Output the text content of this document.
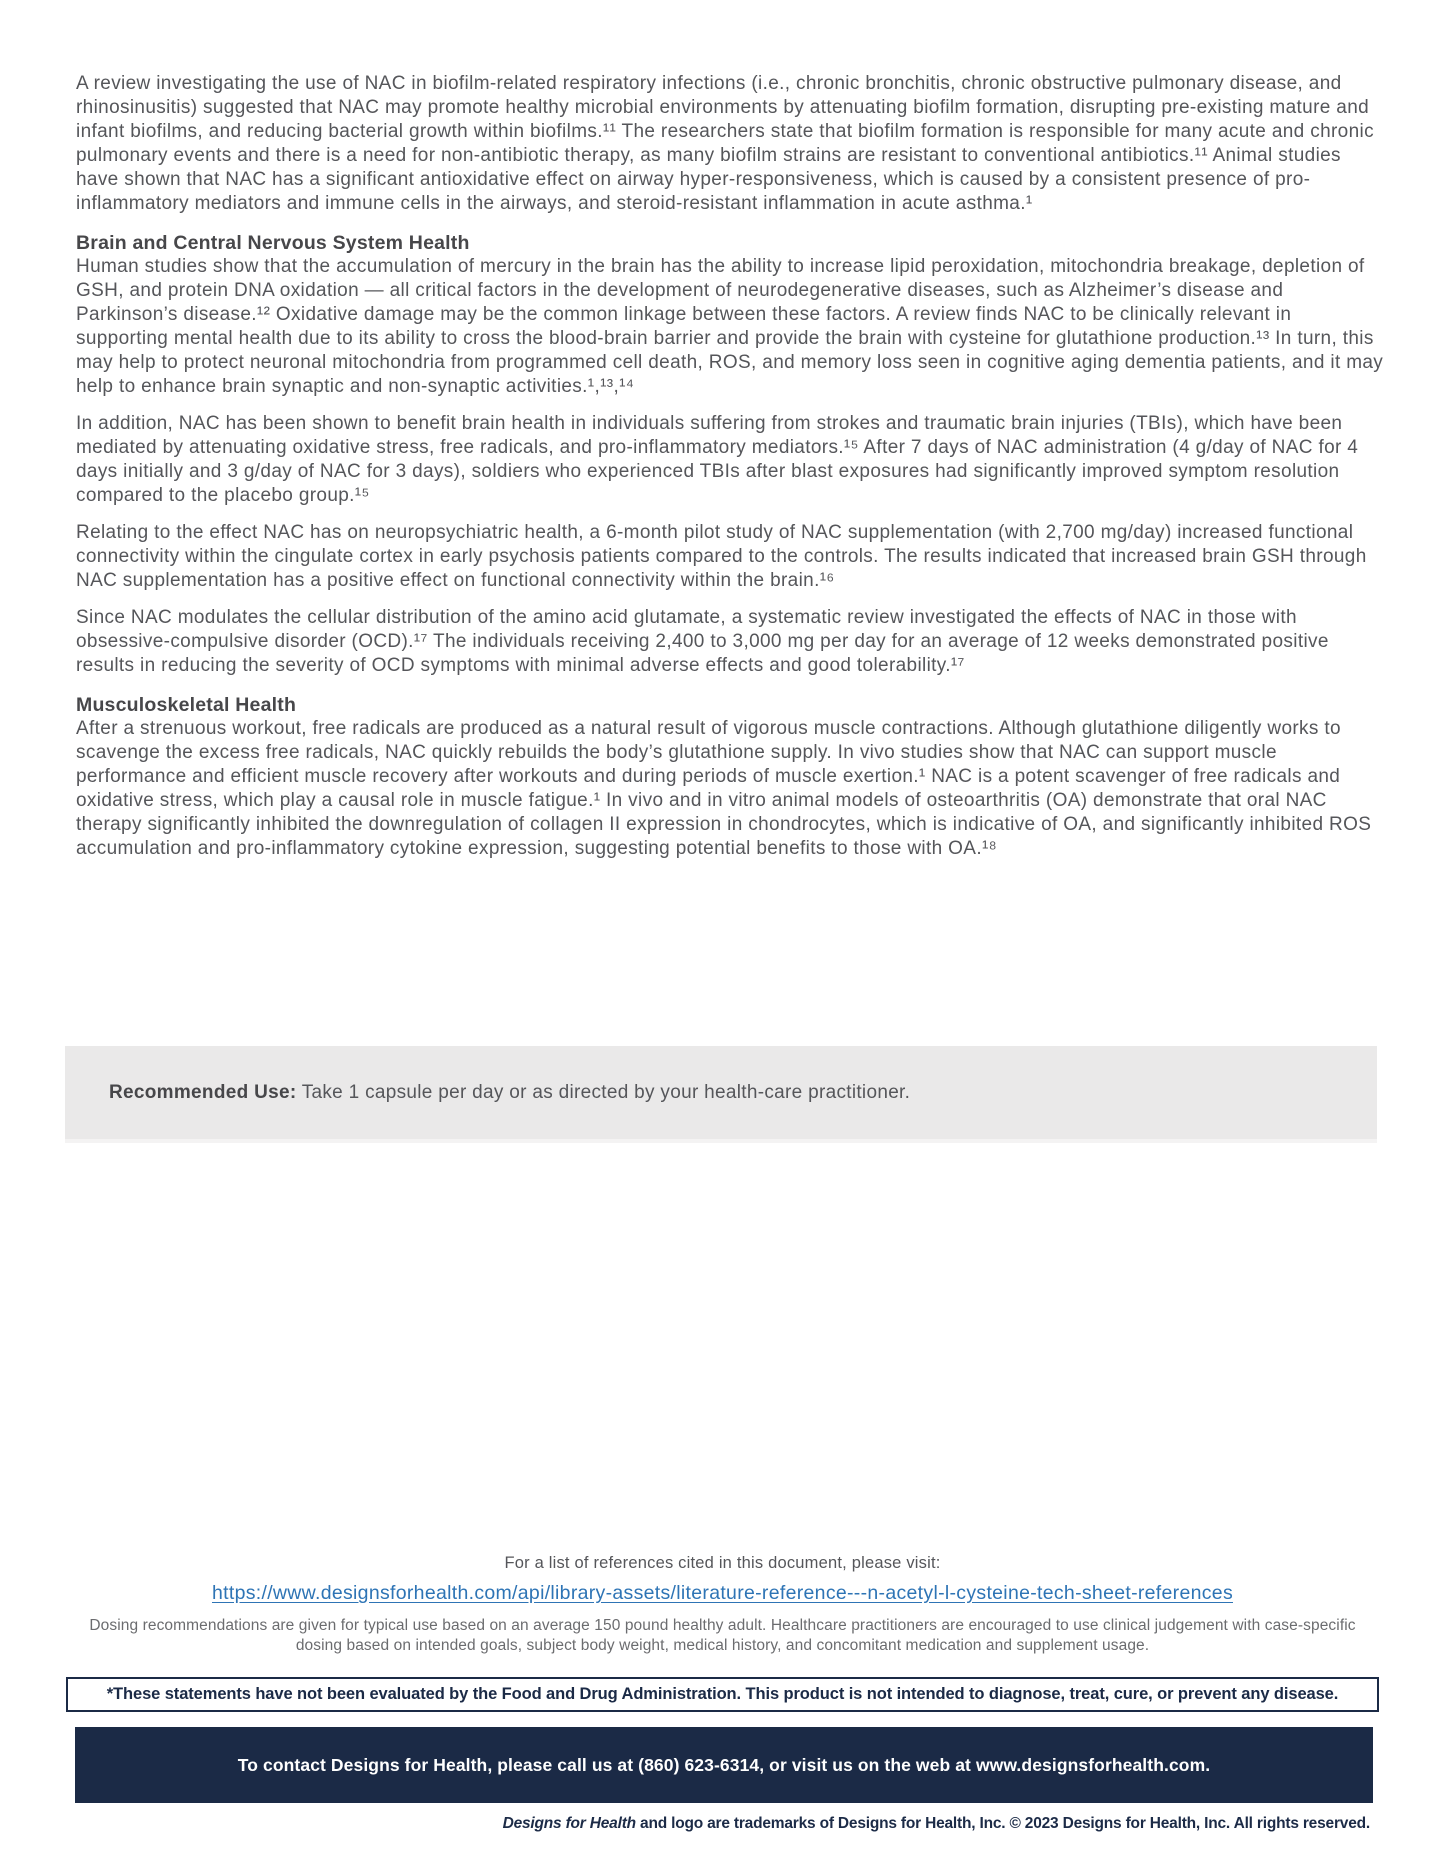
A review investigating the use of NAC in biofilm-related respiratory infections (i.e., chronic bronchitis, chronic obstructive pulmonary disease, and rhinosinusitis) suggested that NAC may promote healthy microbial environments by attenuating biofilm formation, disrupting pre-existing mature and infant biofilms, and reducing bacterial growth within biofilms.¹¹ The researchers state that biofilm formation is responsible for many acute and chronic pulmonary events and there is a need for non-antibiotic therapy, as many biofilm strains are resistant to conventional antibiotics.¹¹ Animal studies have shown that NAC has a significant antioxidative effect on airway hyper-responsiveness, which is caused by a consistent presence of pro-inflammatory mediators and immune cells in the airways, and steroid-resistant inflammation in acute asthma.¹

Brain and Central Nervous System Health

Human studies show that the accumulation of mercury in the brain has the ability to increase lipid peroxidation, mitochondria breakage, depletion of GSH, and protein DNA oxidation — all critical factors in the development of neurodegenerative diseases, such as Alzheimer’s disease and Parkinson’s disease.¹² Oxidative damage may be the common linkage between these factors. A review finds NAC to be clinically relevant in supporting mental health due to its ability to cross the blood-brain barrier and provide the brain with cysteine for glutathione production.¹³ In turn, this may help to protect neuronal mitochondria from programmed cell death, ROS, and memory loss seen in cognitive aging dementia patients, and it may help to enhance brain synaptic and non-synaptic activities.¹,¹³,¹⁴

In addition, NAC has been shown to benefit brain health in individuals suffering from strokes and traumatic brain injuries (TBIs), which have been mediated by attenuating oxidative stress, free radicals, and pro-inflammatory mediators.¹⁵ After 7 days of NAC administration (4 g/day of NAC for 4 days initially and 3 g/day of NAC for 3 days), soldiers who experienced TBIs after blast exposures had significantly improved symptom resolution compared to the placebo group.¹⁵

Relating to the effect NAC has on neuropsychiatric health, a 6-month pilot study of NAC supplementation (with 2,700 mg/day) increased functional connectivity within the cingulate cortex in early psychosis patients compared to the controls. The results indicated that increased brain GSH through NAC supplementation has a positive effect on functional connectivity within the brain.¹⁶

Since NAC modulates the cellular distribution of the amino acid glutamate, a systematic review investigated the effects of NAC in those with obsessive-compulsive disorder (OCD).¹⁷ The individuals receiving 2,400 to 3,000 mg per day for an average of 12 weeks demonstrated positive results in reducing the severity of OCD symptoms with minimal adverse effects and good tolerability.¹⁷

Musculoskeletal Health

After a strenuous workout, free radicals are produced as a natural result of vigorous muscle contractions. Although glutathione diligently works to scavenge the excess free radicals, NAC quickly rebuilds the body’s glutathione supply. In vivo studies show that NAC can support muscle performance and efficient muscle recovery after workouts and during periods of muscle exertion.¹ NAC is a potent scavenger of free radicals and oxidative stress, which play a causal role in muscle fatigue.¹ In vivo and in vitro animal models of osteoarthritis (OA) demonstrate that oral NAC therapy significantly inhibited the downregulation of collagen II expression in chondrocytes, which is indicative of OA, and significantly inhibited ROS accumulation and pro-inflammatory cytokine expression, suggesting potential benefits to those with OA.¹⁸

Recommended Use: Take 1 capsule per day or as directed by your health-care practitioner.
For a list of references cited in this document, please visit:
https://www.designsforhealth.com/api/library-assets/literature-reference---n-acetyl-l-cysteine-tech-sheet-references
Dosing recommendations are given for typical use based on an average 150 pound healthy adult. Healthcare practitioners are encouraged to use clinical judgement with case-specific dosing based on intended goals, subject body weight, medical history, and concomitant medication and supplement usage.
*These statements have not been evaluated by the Food and Drug Administration. This product is not intended to diagnose, treat, cure, or prevent any disease.
To contact Designs for Health, please call us at (860) 623-6314, or visit us on the web at www.designsforhealth.com.
Designs for Health and logo are trademarks of Designs for Health, Inc. © 2023 Designs for Health, Inc. All rights reserved.
